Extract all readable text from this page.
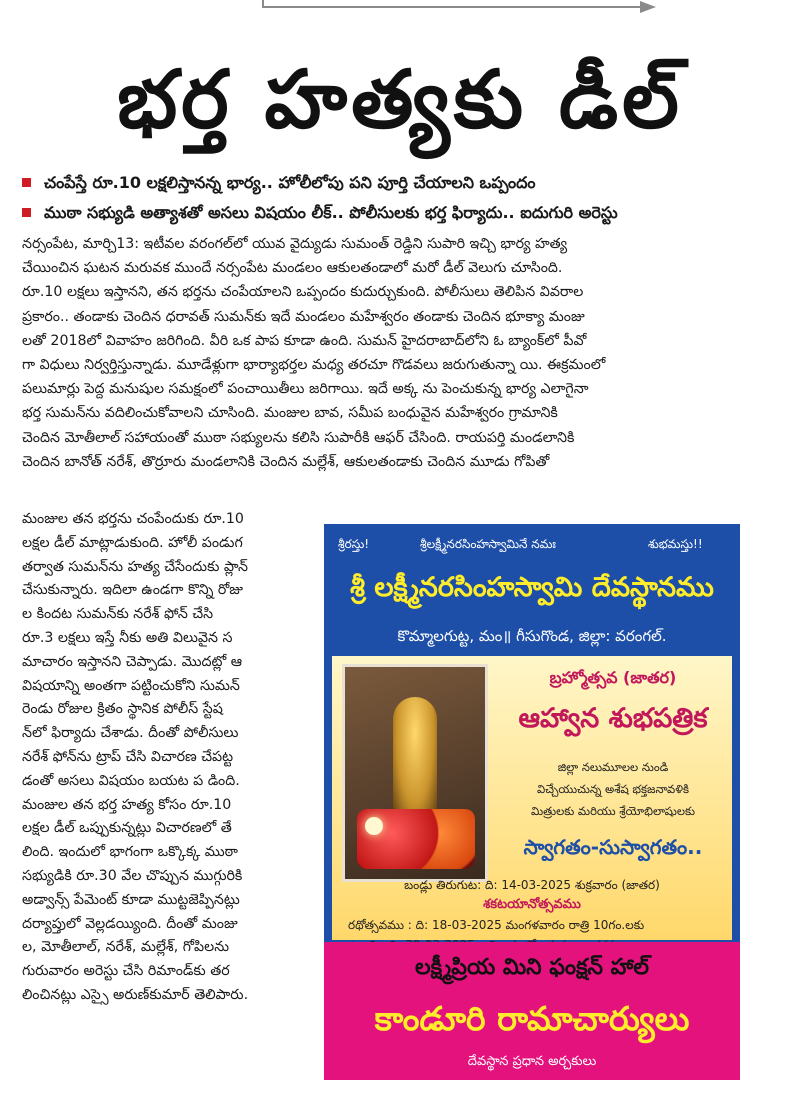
భర్త హత్యకు డీల్
చంపేస్తే రూ.10 లక్షలిస్తానన్న భార్య.. హోలీలోపు పని పూర్తి చేయాలని ఒప్పందం
ముఠా సభ్యుడి అత్యాశతో అసలు విషయం లీక్.. పోలీసులకు భర్త ఫిర్యాదు.. ఐదుగురి అరెస్టు
నర్సంపేట, మార్చి13: ఇటీవల వరంగల్‌లో యువ వైద్యుడు సుమంత్ రెడ్డిని సుపారి ఇచ్చి భార్య హత్య
చేయించిన ఘటన మరువక ముందే నర్సంపేట మండలం ఆకులతండాలో మరో డీల్ వెలుగు చూసింది.
రూ.10 లక్షలు ఇస్తానని, తన భర్తను చంపేయాలని ఒప్పందం కుదుర్చుకుంది. పోలీసులు తెలిపిన వివరాల
ప్రకారం.. తండాకు చెందిన ధరావత్ సుమన్‌కు ఇదే మండలం మహేశ్వరం తండాకు చెందిన భూక్యా మంజు
లతో 2018లో వివాహం జరిగింది. వీరి ఒక పాప కూడా ఉంది. సుమన్ హైదరాబాద్‌లోని ఓ బ్యాంక్‌లో పీవో
గా విధులు నిర్వర్తిస్తున్నాడు. మూడేళ్లుగా భార్యాభర్తల మధ్య తరచూ గొడవలు జరుగుతున్నా యి. ఈక్రమంలో
పలుమార్లు పెద్ద మనుషుల సమక్షంలో పంచాయితీలు జరిగాయి. ఇదే అక్క ను పెంచుకున్న భార్య ఎలాగైనా
భర్త సుమన్‌ను వదిలించుకోవాలని చూసింది. మంజుల బావ, సమీప బంధువైన మహేశ్వరం గ్రామానికి
చెందిన మోతీలాల్ సహాయంతో ముఠా సభ్యులను కలిసి సుపారీకి ఆఫర్ చేసింది. రాయపర్తి మండలానికి
చెందిన బానోత్ నరేశ్, తొర్రూరు మండలానికి చెందిన మల్లేశ్, ఆకులతండాకు చెందిన మూడు గోపితో
మంజుల తన భర్తను చంపేందుకు రూ.10
లక్షల డీల్ మాట్లాడుకుంది. హోలీ పండుగ
తర్వాత సుమన్‌ను హత్య చేసేందుకు ప్లాన్
చేసుకున్నారు. ఇదిలా ఉండగా కొన్ని రోజు
ల కిందట సుమన్‌కు నరేశ్ ఫోన్ చేసి
రూ.3 లక్షలు ఇస్తే నీకు అతి విలువైన స
మాచారం ఇస్తానని చెప్పాడు. మొదట్లో ఆ
విషయాన్ని అంతగా పట్టించుకోని సుమన్
రెండు రోజుల క్రితం స్థానిక పోలీస్ స్టేష
న్‌లో ఫిర్యాదు చేశాడు. దీంతో పోలీసులు
నరేశ్ ఫోన్‌ను ట్రాప్ చేసి విచారణ చేపట్ట
డంతో అసలు విషయం బయట ప డింది.
మంజుల తన భర్త హత్య కోసం రూ.10
లక్షల డీల్ ఒప్పుకున్నట్లు విచారణలో తే
లింది. ఇందులో భాగంగా ఒక్కొక్క ముఠా
సభ్యుడికి రూ.30 వేల చొప్పున ముగ్గురికి
అడ్వాన్స్ పేమెంట్ కూడా ముట్టజెప్పినట్లు
దర్యాప్తులో వెల్లడయ్యింది. దీంతో మంజు
ల, మోతీలాల్, నరేశ్, మల్లేశ్, గోపిలను
గురువారం అరెస్టు చేసి రిమాండ్‌కు తర
లించినట్లు ఎస్సై అరుణ్‌కుమార్ తెలిపారు.
శ్రీరస్తు!	శ్రీలక్ష్మీనరసింహస్వామినే నమః	శుభమస్తు!!
శ్రీ లక్ష్మీనరసింహస్వామి దేవస్థానము
కొమ్మాలగుట్ట, మం॥ గీసుగొండ, జిల్లా: వరంగల్.
బ్రహ్మోత్సవ (జాతర)
ఆహ్వాన శుభపత్రిక
జిల్లా నలుమూలల నుండి
విచ్చేయుచున్న అశేష భక్తజనావళికి
మిత్రులకు మరియు శ్రేయోభిలాషులకు
స్వాగతం-సుస్వాగతం..
బండ్లు తిరుగుట: ది: 14-03-2025 శుక్రవారం (జాతర)
శకటయానోత్సవము
రథోత్సవము : ది: 18-03-2025 మంగళవారం రాత్రి 10గం.లకు
లక్ష్మీప్రియ మిని ఫంక్షన్ హాల్
కాండూరి రామాచార్యులు
దేవస్థాన ప్రధాన అర్చకులు
